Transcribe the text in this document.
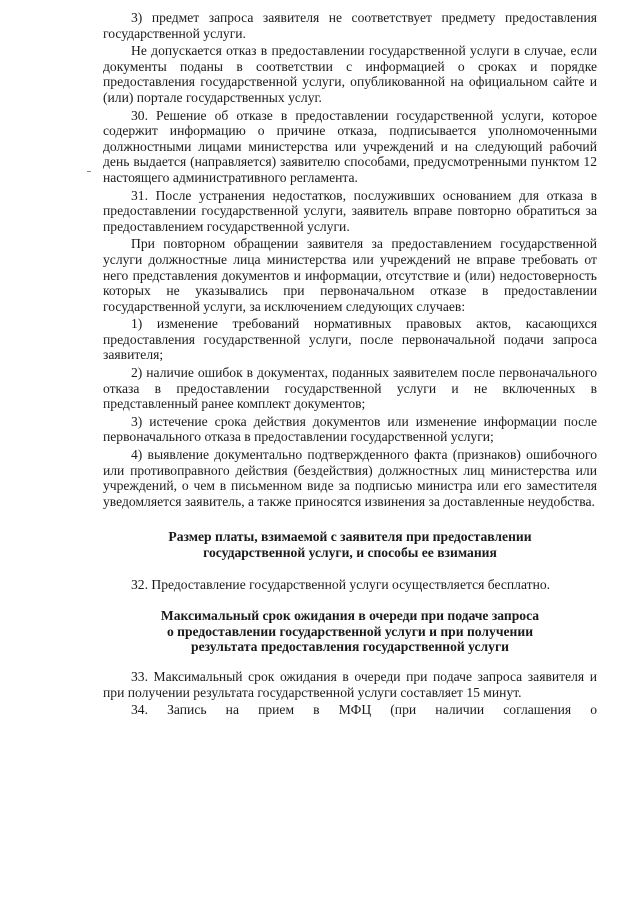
3) предмет запроса заявителя не соответствует предмету предоставления государственной услуги.

Не допускается отказ в предоставлении государственной услуги в случае, если документы поданы в соответствии с информацией о сроках и порядке предоставления государственной услуги, опубликованной на официальном сайте и (или) портале государственных услуг.

30. Решение об отказе в предоставлении государственной услуги, которое содержит информацию о причине отказа, подписывается уполномоченными должностными лицами министерства или учреждений и на следующий рабочий день выдается (направляется) заявителю способами, предусмотренными пунктом 12 настоящего административного регламента.

31. После устранения недостатков, послуживших основанием для отказа в предоставлении государственной услуги, заявитель вправе повторно обратиться за предоставлением государственной услуги.

При повторном обращении заявителя за предоставлением государственной услуги должностные лица министерства или учреждений не вправе требовать от него представления документов и информации, отсутствие и (или) недостоверность которых не указывались при первоначальном отказе в предоставлении государственной услуги, за исключением следующих случаев:

1) изменение требований нормативных правовых актов, касающихся предоставления государственной услуги, после первоначальной подачи запроса заявителя;

2) наличие ошибок в документах, поданных заявителем после первоначального отказа в предоставлении государственной услуги и не включенных в представленный ранее комплект документов;

3) истечение срока действия документов или изменение информации после первоначального отказа в предоставлении государственной услуги;

4) выявление документально подтвержденного факта (признаков) ошибочного или противоправного действия (бездействия) должностных лиц министерства или учреждений, о чем в письменном виде за подписью министра или его заместителя уведомляется заявитель, а также приносятся извинения за доставленные неудобства.

Размер платы, взимаемой с заявителя при предоставлении
государственной услуги, и способы ее взимания

32. Предоставление государственной услуги осуществляется бесплатно.

Максимальный срок ожидания в очереди при подаче запроса
о предоставлении государственной услуги и при получении
результата предоставления государственной услуги

33. Максимальный срок ожидания в очереди при подаче запроса заявителя и при получении результата государственной услуги составляет 15 минут.

34. Запись на прием в МФЦ (при наличии соглашения о
